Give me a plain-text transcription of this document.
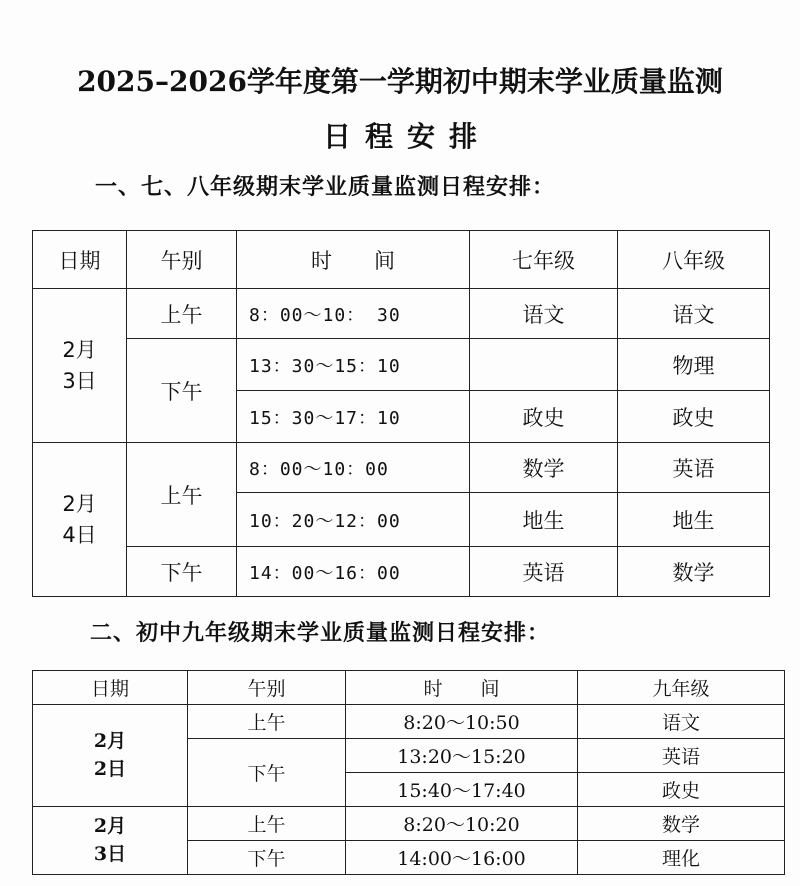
2025–2026学年度第一学期初中期末学业质量监测
日程安排
一、七、八年级期末学业质量监测日程安排：
日期	午别	时　　间	七年级	八年级
2月
3日	上午	8：00～10： 30	语文	语文
	下午	13：30～15：10		物理
		15：30～17：10	政史	政史
2月
4日	上午	8：00～10：00	数学	英语
		10：20～12：00	地生	地生
	下午	14：00～16：00	英语	数学
二、初中九年级期末学业质量监测日程安排：
日期	午别	时　　间	九年级
2月
2日	上午	8:20～10:50	语文
	下午	13:20～15:20	英语
		15:40～17:40	政史
2月
3日	上午	8:20～10:20	数学
	下午	14:00～16:00	理化
